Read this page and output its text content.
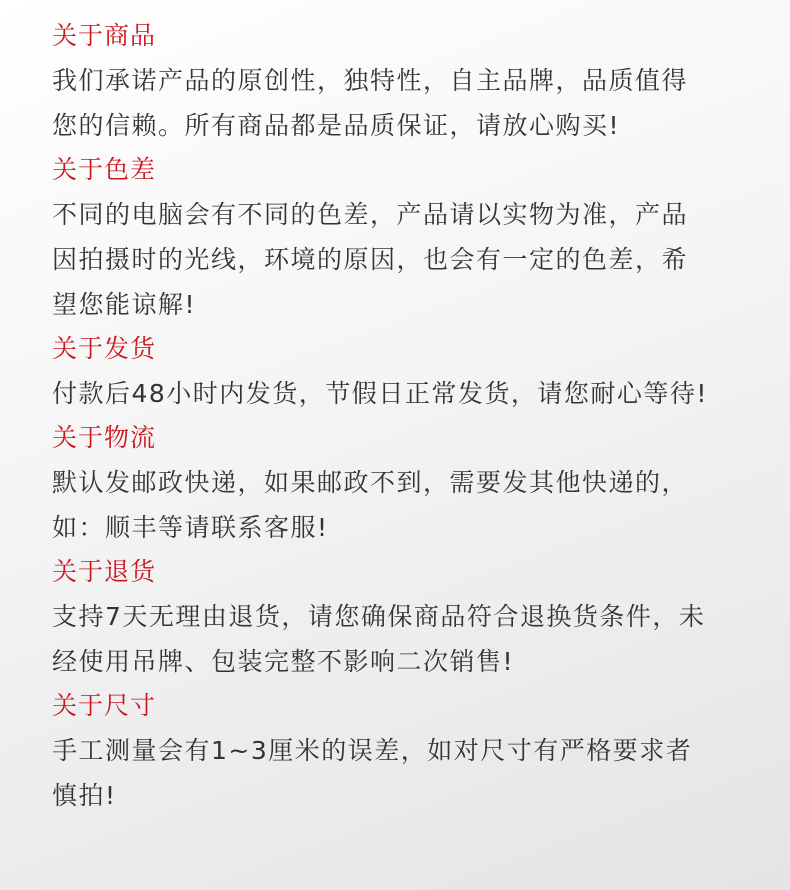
关于商品
我们承诺产品的原创性，独特性，自主品牌，品质值得
您的信赖。所有商品都是品质保证，请放心购买!
关于色差
不同的电脑会有不同的色差，产品请以实物为准，产品
因拍摄时的光线，环境的原因，也会有一定的色差，希
望您能谅解!
关于发货
付款后48小时内发货，节假日正常发货，请您耐心等待!
关于物流
默认发邮政快递，如果邮政不到，需要发其他快递的，
如：顺丰等请联系客服!
关于退货
支持7天无理由退货，请您确保商品符合退换货条件，未
经使用吊牌、包装完整不影响二次销售!
关于尺寸
手工测量会有1~3厘米的误差，如对尺寸有严格要求者
慎拍!
